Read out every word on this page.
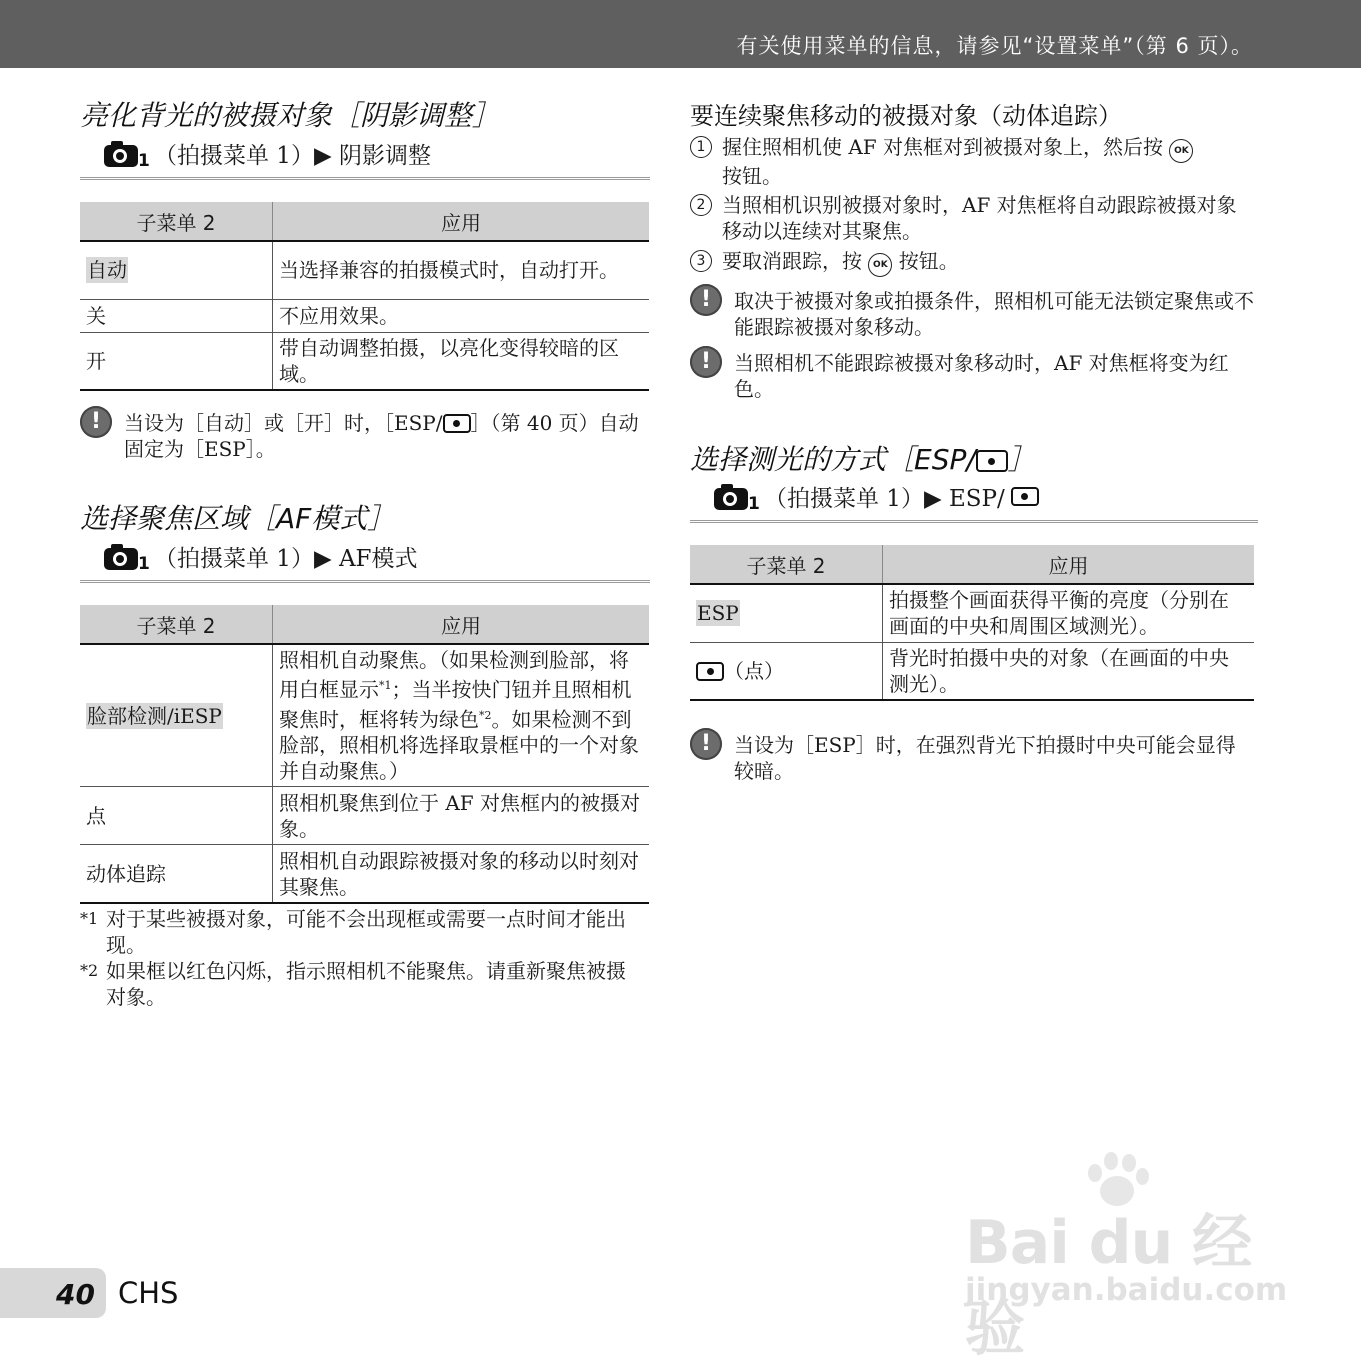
有关使用菜单的信息，请参见“设置菜单”（第 6 页）。
亮化背光的被摄对象［阴影调整］
1 （拍摄菜单 1）▶ 阴影调整
子菜单 2	应用
自动	当选择兼容的拍摄模式时，自动打开。
关	不应用效果。
开	带自动调整拍摄，以亮化变得较暗的区域。
!	当设为［自动］或［开］时，［ESP/ ］（第 40 页）自动固定为［ESP］。
选择聚焦区域［AF模式］
1 （拍摄菜单 1）▶ AF模式
子菜单 2	应用
脸部检测/iESP	照相机自动聚焦。（如果检测到脸部，将用白框显示$^{*1}$；当半按快门钮并且照相机聚焦时，框将转为绿色$^{*2}$。如果检测不到脸部，照相机将选择取景框中的一个对象并自动聚焦。）
点	照相机聚焦到位于 AF 对焦框内的被摄对象。
动体追踪	照相机自动跟踪被摄对象的移动以时刻对其聚焦。
*1 对于某些被摄对象，可能不会出现框或需要一点时间才能出现。
*2 如果框以红色闪烁，指示照相机不能聚焦。请重新聚焦被摄对象。
要连续聚焦移动的被摄对象（动体追踪）
1 握住照相机使 AF 对焦框对到被摄对象上，然后按 OK
按钮。
2 当照相机识别被摄对象时，AF 对焦框将自动跟踪被摄对象移动以连续对其聚焦。
3 要取消跟踪，按 OK 按钮。
!	取决于被摄对象或拍摄条件，照相机可能无法锁定聚焦或不能跟踪被摄对象移动。
!	当照相机不能跟踪被摄对象移动时，AF 对焦框将变为红色。
选择测光的方式［ESP/ ］
1 （拍摄菜单 1）▶ ESP/
子菜单 2	应用
ESP	拍摄整个画面获得平衡的亮度（分别在画面的中央和周围区域测光）。
（点）	背光时拍摄中央的对象（在画面的中央测光）。
!	当设为［ESP］时，在强烈背光下拍摄时中央可能会显得较暗。
Bai du 经验
jingyan.baidu.com
40 CHS
